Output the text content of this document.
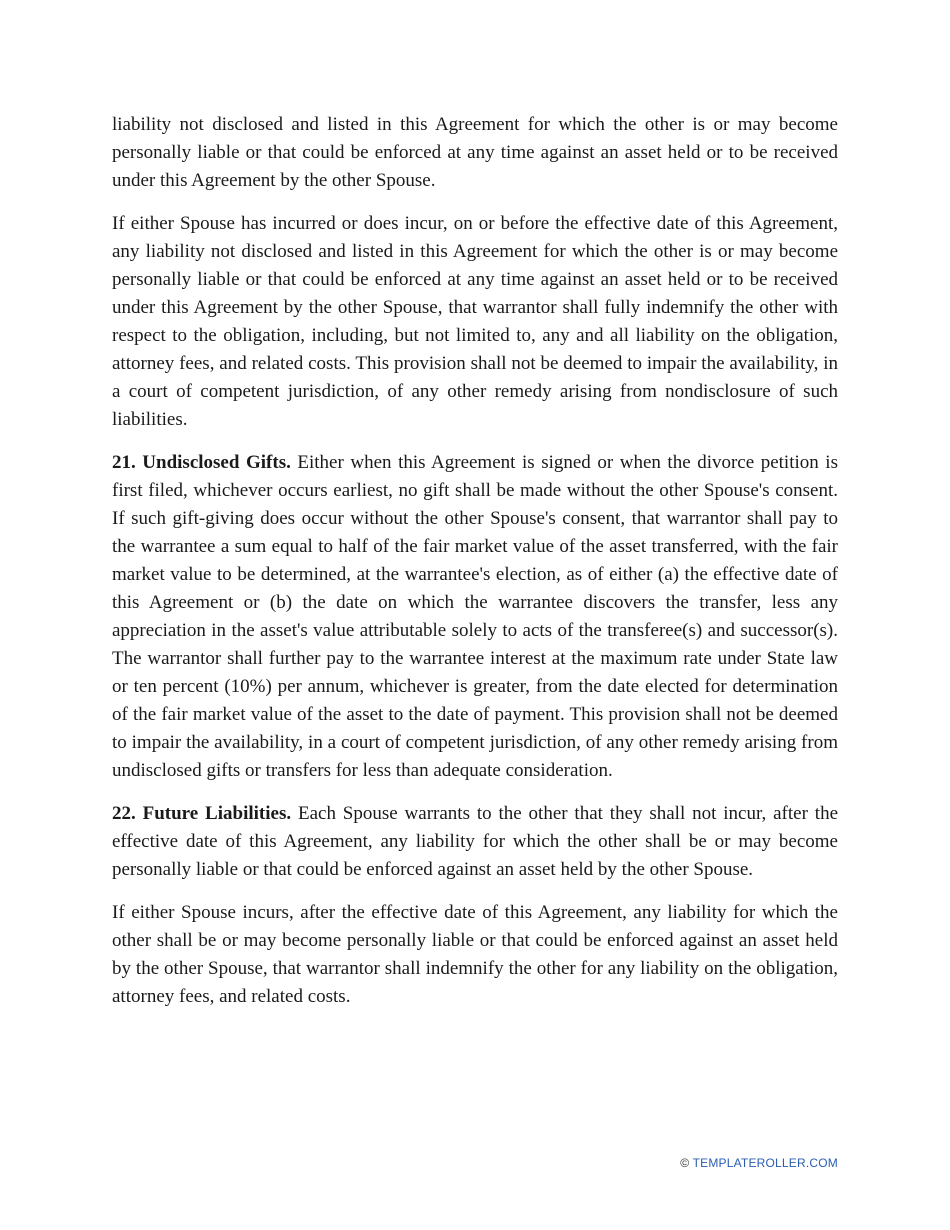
liability not disclosed and listed in this Agreement for which the other is or may become personally liable or that could be enforced at any time against an asset held or to be received under this Agreement by the other Spouse.

If either Spouse has incurred or does incur, on or before the effective date of this Agreement, any liability not disclosed and listed in this Agreement for which the other is or may become personally liable or that could be enforced at any time against an asset held or to be received under this Agreement by the other Spouse, that warrantor shall fully indemnify the other with respect to the obligation, including, but not limited to, any and all liability on the obligation, attorney fees, and related costs. This provision shall not be deemed to impair the availability, in a court of competent jurisdiction, of any other remedy arising from nondisclosure of such liabilities.

21. Undisclosed Gifts. Either when this Agreement is signed or when the divorce petition is first filed, whichever occurs earliest, no gift shall be made without the other Spouse's consent. If such gift-giving does occur without the other Spouse's consent, that warrantor shall pay to the warrantee a sum equal to half of the fair market value of the asset transferred, with the fair market value to be determined, at the warrantee's election, as of either (a) the effective date of this Agreement or (b) the date on which the warrantee discovers the transfer, less any appreciation in the asset's value attributable solely to acts of the transferee(s) and successor(s). The warrantor shall further pay to the warrantee interest at the maximum rate under State law or ten percent (10%) per annum, whichever is greater, from the date elected for determination of the fair market value of the asset to the date of payment. This provision shall not be deemed to impair the availability, in a court of competent jurisdiction, of any other remedy arising from undisclosed gifts or transfers for less than adequate consideration.

22. Future Liabilities. Each Spouse warrants to the other that they shall not incur, after the effective date of this Agreement, any liability for which the other shall be or may become personally liable or that could be enforced against an asset held by the other Spouse.

If either Spouse incurs, after the effective date of this Agreement, any liability for which the other shall be or may become personally liable or that could be enforced against an asset held by the other Spouse, that warrantor shall indemnify the other for any liability on the obligation, attorney fees, and related costs.

© TEMPLATEROLLER.COM
